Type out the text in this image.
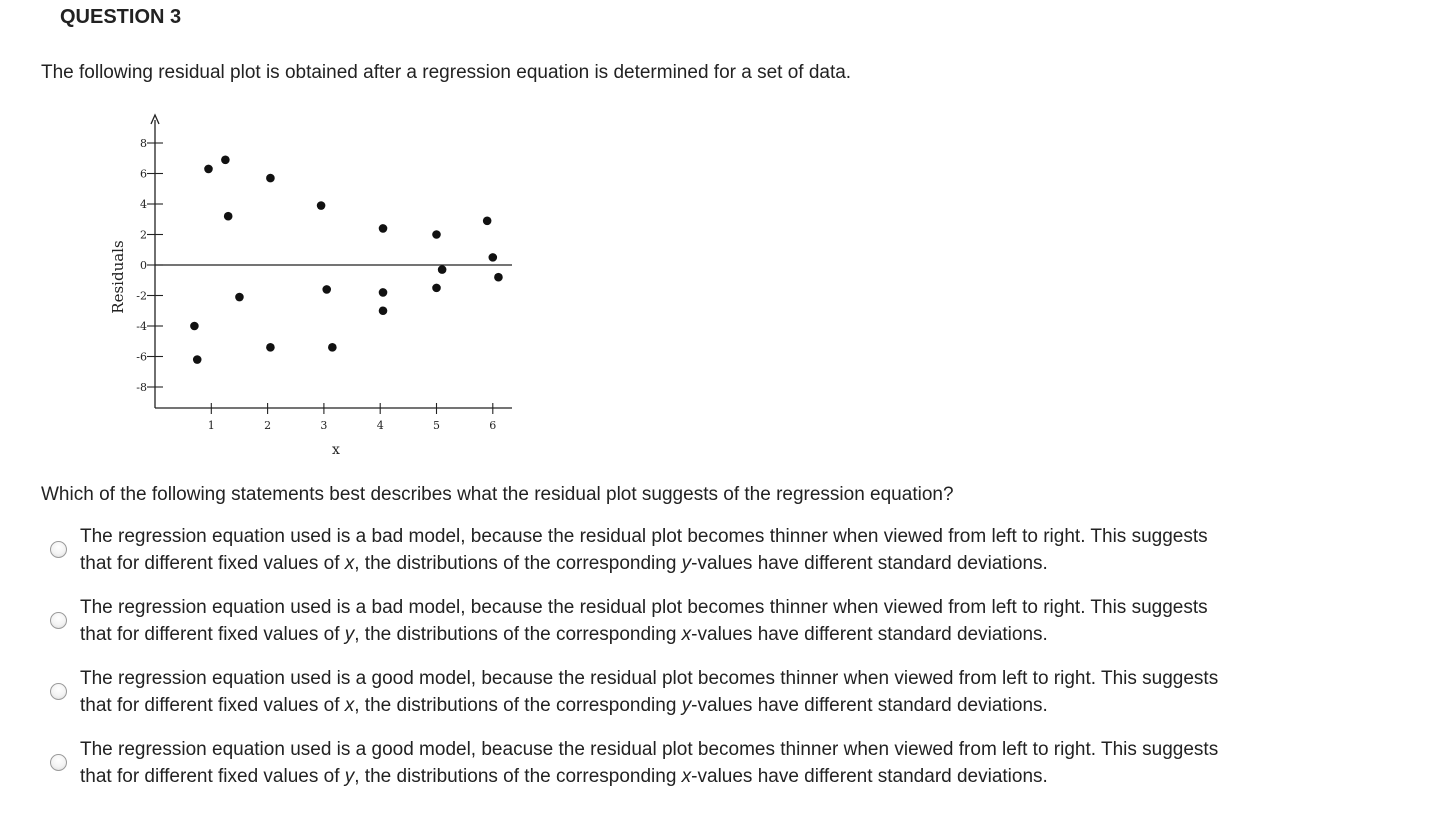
QUESTION 3
The following residual plot is obtained after a regression equation is determined for a set of data.
-8
-6
-4
-2
0
2
4
6
8
1	2	3	4	5	6
x
Residuals
Which of the following statements best describes what the residual plot suggests of the regression equation?
The regression equation used is a bad model, because the residual plot becomes thinner when viewed from left to right. This suggests
that for different fixed values of x, the distributions of the corresponding y-values have different standard deviations.
The regression equation used is a bad model, because the residual plot becomes thinner when viewed from left to right. This suggests
that for different fixed values of y, the distributions of the corresponding x-values have different standard deviations.
The regression equation used is a good model, because the residual plot becomes thinner when viewed from left to right. This suggests
that for different fixed values of x, the distributions of the corresponding y-values have different standard deviations.
The regression equation used is a good model, beacuse the residual plot becomes thinner when viewed from left to right. This suggests
that for different fixed values of y, the distributions of the corresponding x-values have different standard deviations.
